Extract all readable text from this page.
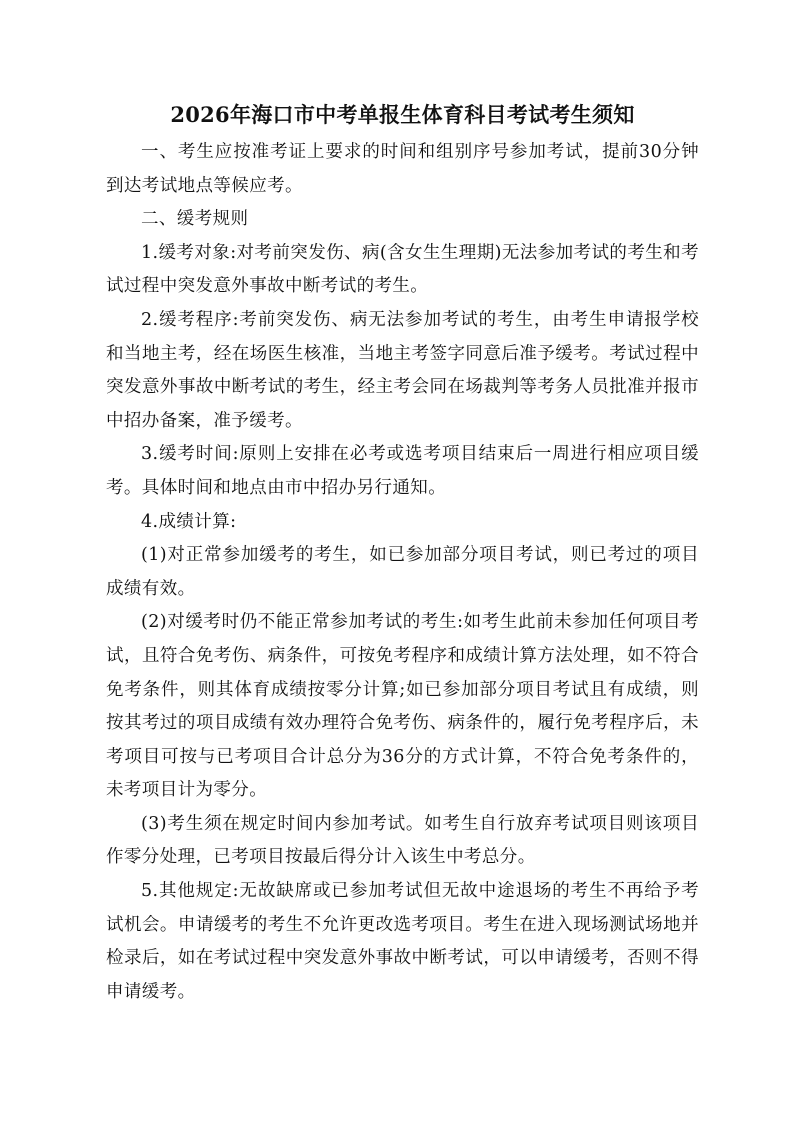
2026年海口市中考单报生体育科目考试考生须知

一、考生应按准考证上要求的时间和组别序号参加考试，提前30分钟到达考试地点等候应考。

二、缓考规则

1.缓考对象:对考前突发伤、病(含女生生理期)无法参加考试的考生和考试过程中突发意外事故中断考试的考生。

2.缓考程序:考前突发伤、病无法参加考试的考生，由考生申请报学校和当地主考，经在场医生核准，当地主考签字同意后准予缓考。考试过程中突发意外事故中断考试的考生，经主考会同在场裁判等考务人员批准并报市中招办备案，准予缓考。

3.缓考时间:原则上安排在必考或选考项目结束后一周进行相应项目缓考。具体时间和地点由市中招办另行通知。

4.成绩计算:

(1)对正常参加缓考的考生，如已参加部分项目考试，则已考过的项目成绩有效。

(2)对缓考时仍不能正常参加考试的考生:如考生此前未参加任何项目考试，且符合免考伤、病条件，可按免考程序和成绩计算方法处理，如不符合免考条件，则其体育成绩按零分计算;如已参加部分项目考试且有成绩，则按其考过的项目成绩有效办理符合免考伤、病条件的，履行免考程序后，未考项目可按与已考项目合计总分为36分的方式计算，不符合免考条件的，未考项目计为零分。

(3)考生须在规定时间内参加考试。如考生自行放弃考试项目则该项目作零分处理，已考项目按最后得分计入该生中考总分。

5.其他规定:无故缺席或已参加考试但无故中途退场的考生不再给予考试机会。申请缓考的考生不允许更改选考项目。考生在进入现场测试场地并检录后，如在考试过程中突发意外事故中断考试，可以申请缓考，否则不得申请缓考。
